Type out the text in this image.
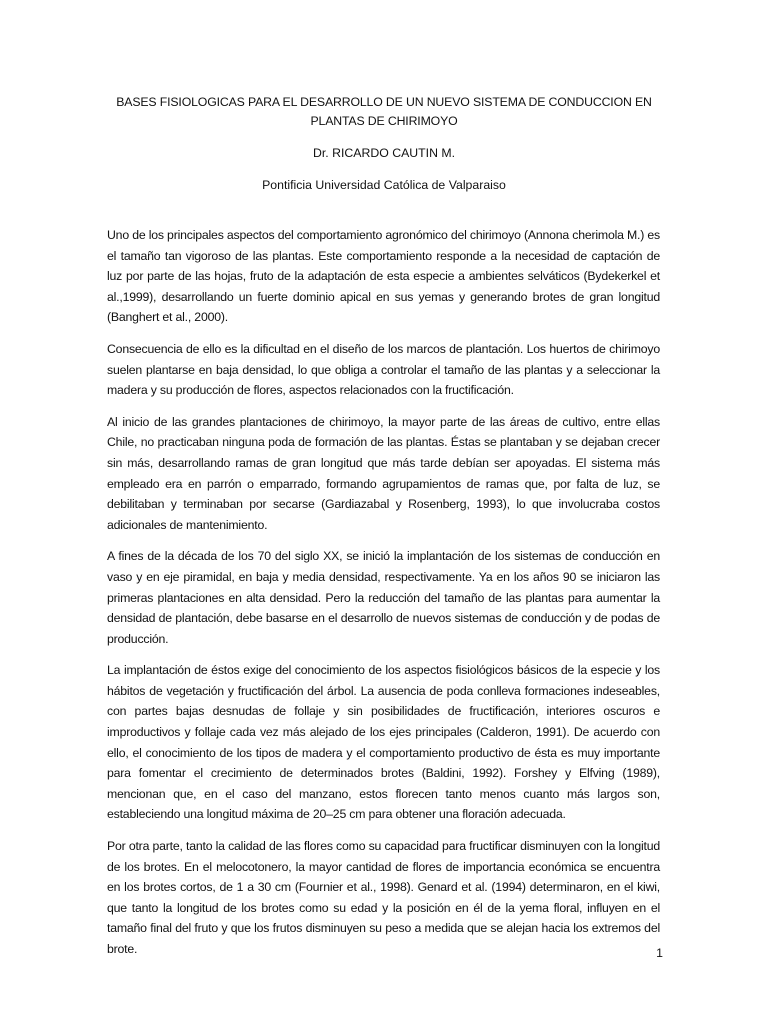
BASES FISIOLOGICAS PARA EL DESARROLLO DE UN NUEVO SISTEMA DE CONDUCCION EN PLANTAS DE CHIRIMOYO

Dr. RICARDO CAUTIN M.

Pontificia Universidad Católica de Valparaiso

Uno de los principales aspectos del comportamiento agronómico del chirimoyo (Annona cherimola M.) es el tamaño tan vigoroso de las plantas. Este comportamiento responde a la necesidad de captación de luz por parte de las hojas, fruto de la adaptación de esta especie a ambientes selváticos (Bydekerkel et al.,1999), desarrollando un fuerte dominio apical en sus yemas y generando brotes de gran longitud (Banghert et al., 2000).

Consecuencia de ello es la dificultad en el diseño de los marcos de plantación. Los huertos de chirimoyo suelen plantarse en baja densidad, lo que obliga a controlar el tamaño de las plantas y a seleccionar la madera y su producción de flores, aspectos relacionados con la fructificación.

Al inicio de las grandes plantaciones de chirimoyo, la mayor parte de las áreas de cultivo, entre ellas Chile, no practicaban ninguna poda de formación de las plantas. Éstas se plantaban y se dejaban crecer sin más, desarrollando ramas de gran longitud que más tarde debían ser apoyadas. El sistema más empleado era en parrón o emparrado, formando agrupamientos de ramas que, por falta de luz, se debilitaban y terminaban por secarse (Gardiazabal y Rosenberg, 1993), lo que involucraba costos adicionales de mantenimiento.

A fines de la década de los 70 del siglo XX, se inició la implantación de los sistemas de conducción en vaso y en eje piramidal, en baja y media densidad, respectivamente. Ya en los años 90 se iniciaron las primeras plantaciones en alta densidad. Pero la reducción del tamaño de las plantas para aumentar la densidad de plantación, debe basarse en el desarrollo de nuevos sistemas de conducción y de podas de producción.

La implantación de éstos exige del conocimiento de los aspectos fisiológicos básicos de la especie y los hábitos de vegetación y fructificación del árbol. La ausencia de poda conlleva formaciones indeseables, con partes bajas desnudas de follaje y sin posibilidades de fructificación, interiores oscuros e improductivos y follaje cada vez más alejado de los ejes principales (Calderon, 1991). De acuerdo con ello, el conocimiento de los tipos de madera y el comportamiento productivo de ésta es muy importante para fomentar el crecimiento de determinados brotes (Baldini, 1992). Forshey y Elfving (1989), mencionan que, en el caso del manzano, estos florecen tanto menos cuanto más largos son, estableciendo una longitud máxima de 20–25 cm para obtener una floración adecuada.

Por otra parte, tanto la calidad de las flores como su capacidad para fructificar disminuyen con la longitud de los brotes. En el melocotonero, la mayor cantidad de flores de importancia económica se encuentra en los brotes cortos, de 1 a 30 cm (Fournier et al., 1998). Genard et al. (1994) determinaron, en el kiwi, que tanto la longitud de los brotes como su edad y la posición en él de la yema floral, influyen en el tamaño final del fruto y que los frutos disminuyen su peso a medida que se alejan hacia los extremos del brote.	1
